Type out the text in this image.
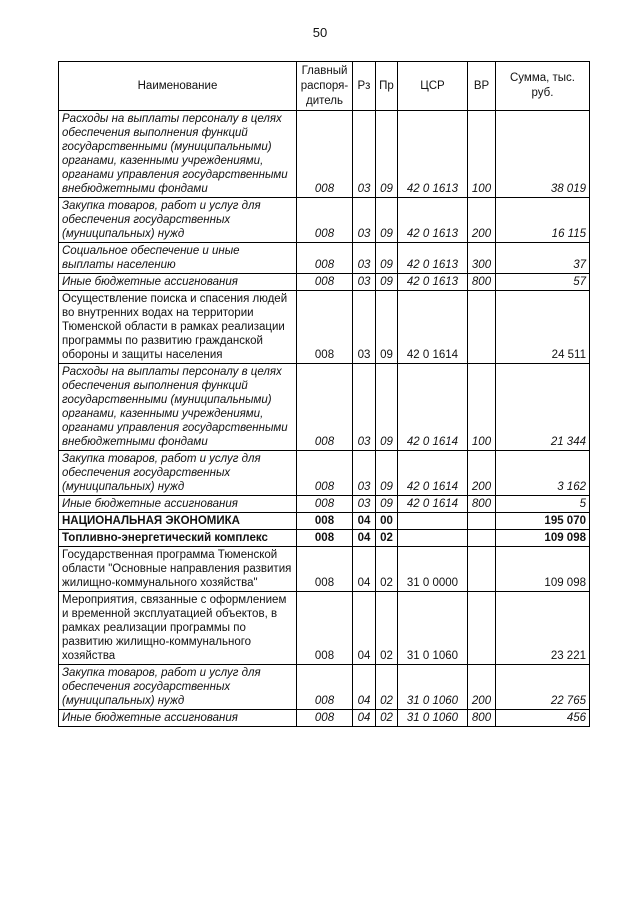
50
Наименование	Главный распоря-дитель	Рз	Пр	ЦСР	ВР	Сумма, тыс. руб.
Расходы на выплаты персоналу в целях обеспечения выполнения функций государственными (муниципальными) органами, казенными учреждениями, органами управления государственными внебюджетными фондами	008	03	09	42 0 1613	100	38 019
Закупка товаров, работ и услуг для обеспечения государственных (муниципальных) нужд	008	03	09	42 0 1613	200	16 115
Социальное обеспечение и иные выплаты населению	008	03	09	42 0 1613	300	37
Иные бюджетные ассигнования	008	03	09	42 0 1613	800	57
Осуществление поиска и спасения людей во внутренних водах на территории Тюменской области в рамках реализации программы по развитию гражданской обороны и защиты населения	008	03	09	42 0 1614		24 511
Расходы на выплаты персоналу в целях обеспечения выполнения функций государственными (муниципальными) органами, казенными учреждениями, органами управления государственными внебюджетными фондами	008	03	09	42 0 1614	100	21 344
Закупка товаров, работ и услуг для обеспечения государственных (муниципальных) нужд	008	03	09	42 0 1614	200	3 162
Иные бюджетные ассигнования	008	03	09	42 0 1614	800	5
НАЦИОНАЛЬНАЯ ЭКОНОМИКА	008	04	00			195 070
Топливно-энергетический комплекс	008	04	02			109 098
Государственная программа Тюменской области "Основные направления развития жилищно-коммунального хозяйства"	008	04	02	31 0 0000		109 098
Мероприятия, связанные с оформлением и временной эксплуатацией объектов, в рамках реализации программы по развитию жилищно-коммунального хозяйства	008	04	02	31 0 1060		23 221
Закупка товаров, работ и услуг для обеспечения государственных (муниципальных) нужд	008	04	02	31 0 1060	200	22 765
Иные бюджетные ассигнования	008	04	02	31 0 1060	800	456
